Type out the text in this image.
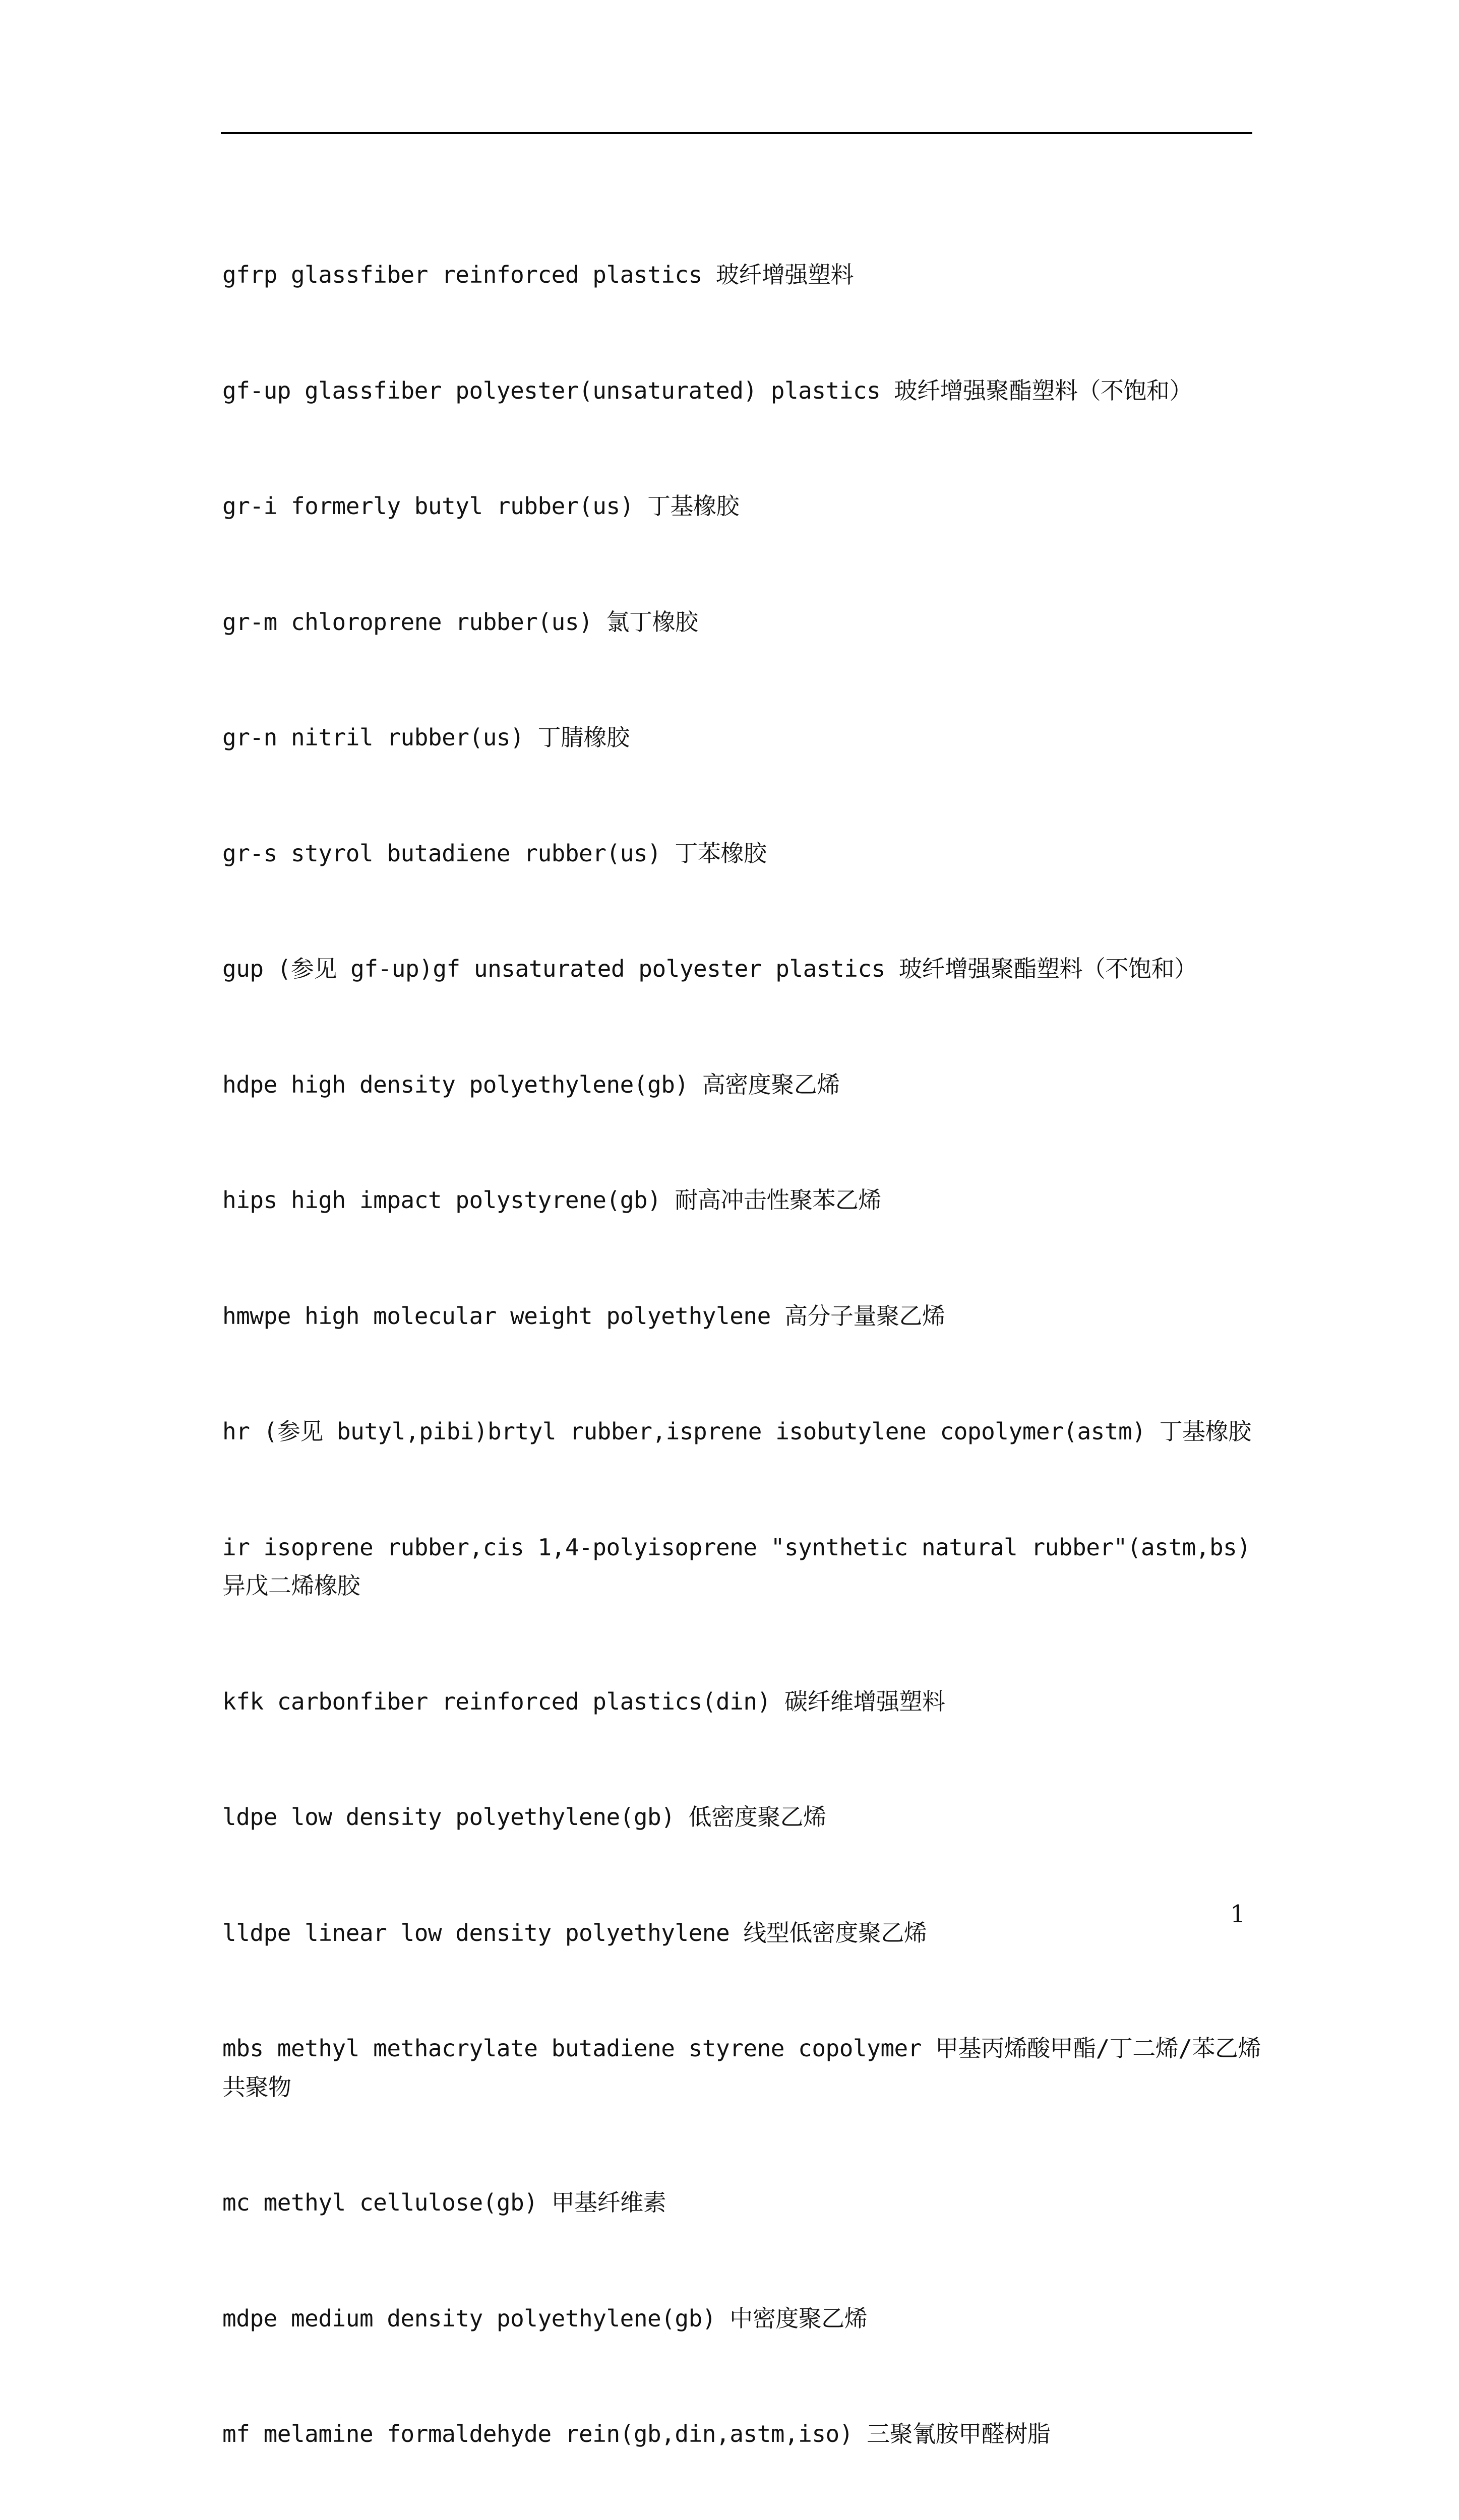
gfrp glassfiber reinforced plastics 玻纤增强塑料

gf-up glassfiber polyester(unsaturated) plastics 玻纤增强聚酯塑料（不饱和）

gr-i formerly butyl rubber(us) 丁基橡胶

gr-m chloroprene rubber(us) 氯丁橡胶

gr-n nitril rubber(us) 丁腈橡胶

gr-s styrol butadiene rubber(us) 丁苯橡胶

gup (参见 gf-up)gf unsaturated polyester plastics 玻纤增强聚酯塑料（不饱和）

hdpe high density polyethylene(gb) 高密度聚乙烯

hips high impact polystyrene(gb) 耐高冲击性聚苯乙烯

hmwpe high molecular weight polyethylene 高分子量聚乙烯

hr (参见 butyl,pibi)brtyl rubber,isprene isobutylene copolymer(astm) 丁基橡胶

ir isoprene rubber,cis 1,4-polyisoprene "synthetic natural rubber"(astm,bs) 异戊二烯橡胶

kfk carbonfiber reinforced plastics(din) 碳纤维增强塑料

ldpe low density polyethylene(gb) 低密度聚乙烯

lldpe linear low density polyethylene 线型低密度聚乙烯

mbs methyl methacrylate butadiene styrene copolymer 甲基丙烯酸甲酯/丁二烯/苯乙烯共聚物

mc methyl cellulose(gb) 甲基纤维素

mdpe medium density polyethylene(gb) 中密度聚乙烯

mf melamine formaldehyde rein(gb,din,astm,iso) 三聚氰胺甲醛树脂

1
